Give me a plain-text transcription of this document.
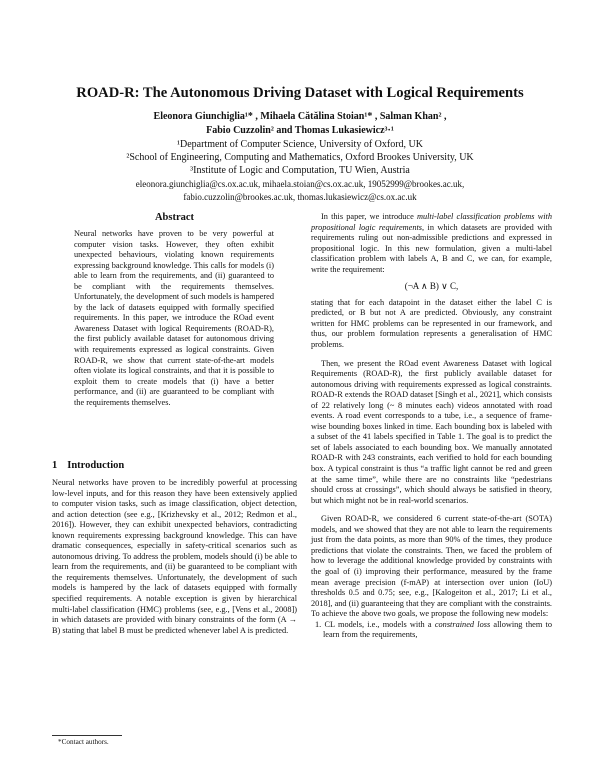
ROAD-R: The Autonomous Driving Dataset with Logical Requirements
Eleonora Giunchiglia¹* , Mihaela Cătălina Stoian¹* , Salman Khan² ,
Fabio Cuzzolin² and Thomas Lukasiewicz³·¹
¹Department of Computer Science, University of Oxford, UK
²School of Engineering, Computing and Mathematics, Oxford Brookes University, UK
³Institute of Logic and Computation, TU Wien, Austria
eleonora.giunchiglia@cs.ox.ac.uk, mihaela.stoian@cs.ox.ac.uk, 19052999@brookes.ac.uk,
fabio.cuzzolin@brookes.ac.uk, thomas.lukasiewicz@cs.ox.ac.uk
Abstract

Neural networks have proven to be very powerful at computer vision tasks. However, they often exhibit unexpected behaviours, violating known requirements expressing background knowledge. This calls for models (i) able to learn from the requirements, and (ii) guaranteed to be compliant with the requirements themselves. Unfortunately, the development of such models is hampered by the lack of datasets equipped with formally specified requirements. In this paper, we introduce the ROad event Awareness Dataset with logical Requirements (ROAD-R), the first publicly available dataset for autonomous driving with requirements expressed as logical constraints. Given ROAD-R, we show that current state-of-the-art models often violate its logical constraints, and that it is possible to exploit them to create models that (i) have a better performance, and (ii) are guaranteed to be compliant with the requirements themselves.

1 Introduction

Neural networks have proven to be incredibly powerful at processing low-level inputs, and for this reason they have been extensively applied to computer vision tasks, such as image classification, object detection, and action detection (see e.g., [Krizhevsky et al., 2012; Redmon et al., 2016]). However, they can exhibit unexpected behaviors, contradicting known requirements expressing background knowledge. This can have dramatic consequences, especially in safety-critical scenarios such as autonomous driving. To address the problem, models should (i) be able to learn from the requirements, and (ii) be guaranteed to be compliant with the requirements themselves. Unfortunately, the development of such models is hampered by the lack of datasets equipped with formally specified requirements. A notable exception is given by hierarchical multi-label classification (HMC) problems (see, e.g., [Vens et al., 2008]) in which datasets are provided with binary constraints of the form (A → B) stating that label B must be predicted whenever label A is predicted.

*Contact authors.

In this paper, we introduce multi-label classification problems with propositional logic requirements, in which datasets are provided with requirements ruling out non-admissible predictions and expressed in propositional logic. In this new formulation, given a multi-label classification problem with labels A, B and C, we can, for example, write the requirement:

(¬A ∧ B) ∨ C,

stating that for each datapoint in the dataset either the label C is predicted, or B but not A are predicted. Obviously, any constraint written for HMC problems can be represented in our framework, and thus, our problem formulation represents a generalisation of HMC problems.

Then, we present the ROad event Awareness Dataset with logical Requirements (ROAD-R), the first publicly available dataset for autonomous driving with requirements expressed as logical constraints. ROAD-R extends the ROAD dataset [Singh et al., 2021], which consists of 22 relatively long (~ 8 minutes each) videos annotated with road events. A road event corresponds to a tube, i.e., a sequence of frame-wise bounding boxes linked in time. Each bounding box is labeled with a subset of the 41 labels specified in Table 1. The goal is to predict the set of labels associated to each bounding box. We manually annotated ROAD-R with 243 constraints, each verified to hold for each bounding box. A typical constraint is thus “a traffic light cannot be red and green at the same time”, while there are no constraints like “pedestrians should cross at crossings”, which should always be satisfied in theory, but which might not be in real-world scenarios.

Given ROAD-R, we considered 6 current state-of-the-art (SOTA) models, and we showed that they are not able to learn the requirements just from the data points, as more than 90% of the times, they produce predictions that violate the constraints. Then, we faced the problem of how to leverage the additional knowledge provided by constraints with the goal of (i) improving their performance, measured by the frame mean average precision (f-mAP) at intersection over union (IoU) thresholds 0.5 and 0.75; see, e.g., [Kalogeiton et al., 2017; Li et al., 2018], and (ii) guaranteeing that they are compliant with the constraints. To achieve the above two goals, we propose the following new models:

1. CL models, i.e., models with a constrained loss allowing them to learn from the requirements,
